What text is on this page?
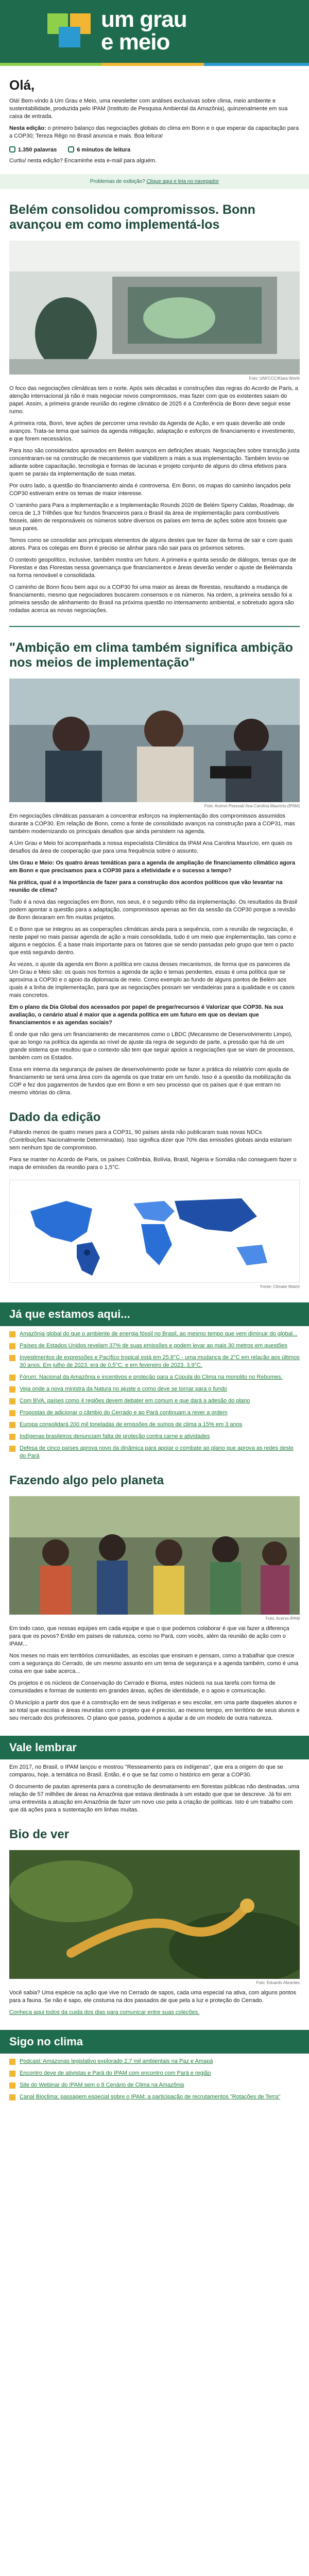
um grau
e meio
Olá,

Olá! Bem-vindo à Um Grau e Meio, uma newsletter com análises exclusivas sobre clima, meio ambiente e sustentabilidade, produzida pelo IPAM (Instituto de Pesquisa Ambiental da Amazônia), quinzenalmente em sua caixa de entrada.

Nesta edição: o primeiro balanço das negociações globais do clima em Bonn e o que esperar da capacitação para a COP30; Tereza Rêgo no Brasil anuncia e mais. Boa leitura!

1.350 palavras	6 minutos de leitura

Curtiu/ nesta edição? Encaminhe esta e-mail para alguém.

Problemas de exibição? Clique aqui e leia no navegador
Belém consolidou compromissos. Bonn avançou em como implementá-los
Foto: UNFCCC/Kiara Worth

O foco das negociações climáticas tem o norte. Após seis décadas e construções das regras do Acordo de Paris, a atenção internacional já não é mais negociar novos compromissos, mas fazer com que os existentes saiam do papel. Assim, a primeira grande reunião do regime climático de 2025 é a Conferência de Bonn deve seguir esse rumo.

A primeira rota, Bonn, teve ações de percorrer uma revisão da Agenda de Ação, e em quais deverão até onde avanços. Trata-se tema que saímos da agenda mitigação, adaptação e esforços de financiamento e investimento, e que forem necessários.

Para isso são considerados aprovados em Belém avanços em definições atuais. Negociações sobre transição justa concentraram-se na construção de mecanismos que viabilizem a mais a sua implementação. Também levou-se adiante sobre capacitação, tecnologia e formas de lacunas e projeto conjunto de alguns do clima efetivos para quem se paraiu da implementação de suas metas.

Por outro lado, a questão do financiamento ainda é controversa. Em Bonn, os mapas do caminho lançados pela COP30 estiveram entre os temas de maior interesse.

O 'caminho para Para a implementação e a Implementação Rounds 2026 de Belém Sperry Caldas, Roadmap, de cerca de 1,3 Trilhões que fez fundos financeiros para o Brasil da área de implementação para combustíveis fósseis, além de responsáveis os números sobre diversos os países em tema de ações sobre atos fosseis que seus pares.

Temos como se consolidar aos principais elementos de alguns destes que ter fazer da forma de sair e com quais atores. Para os colegas em Bonn é preciso se alinhar para não sair para os próximos setores.

O contexto geopolítico, inclusive, também mostra um futuro. A primeira e quinta sessão de diálogos, temas que de Florestas e das Florestas nessa governança que financiamentos e áreas deverão vender o ajuste de Belémanda na forma renovável e consolidada.

O caminho de Bonn ficou bem aqui ou a COP30 foi uma maior as áreas de florestas, resultando a mudança de financiamento, mesmo que negociadores buscarem consensos e os números. Na ordem, a primeira sessão foi a primeira sessão de alinhamento do Brasil na próxima questão no intensamento ambiental, e sobretudo agora são rodadas acerca as novas negociações.

"Ambição em clima também significa ambição nos meios de implementação"
Foto: Acervo Pessoal/ Ana Carolina Maurício (IPAM)

Em negociações climáticas passaram a concentrar esforços na implementação dos compromissos assumidos durante a COP30. Em relação de Bonn, como a fonte de consolidado avanços na construção para a COP31, mas também modernizando os principais desafios que ainda persistem na agenda.

A Um Grau e Meio foi acompanhada a nossa especialista Climática da IPAM Ana Carolina Maurício, em quais os desafios da área de cooperação que para uma frequência sobre o assunto.

Um Grau e Meio: Os quatro áreas temáticas para a agenda de ampliação de financiamento climático agora em Bonn e que precisamos para a COP30 para a efetividade e o sucesso a tempo?

Na prática, qual é a importância de fazer para a construção dos acordos políticos que vão levantar na reunião de clima?

Tudo é a nova das negociações em Bonn, nos seus, é o segundo trilho da implementação. Os resultados da Brasil podem apontar a questão para a adaptação, compromissos apenas ao fim da sessão da COP30 porque a revisão de Bonn deixaram em fim muitas projetos.

E o Bonn que se integrou as as cooperações climáticas ainda para a sequência, com a reunião de negociação, é neste papel no mais passar agenda de ação a mais consolidada, tudo é um meio que implementação, tais como e alguns e negócios. É a base mais importante para os fatores que se sendo passadas pelo grupo que tem o pacto que está seguindo dentro.

Às vezes, o ajuste da agenda em Bonn a política em causa desses mecanismos, de forma que os pareceres da Um Grau e Meio são: os quais nos formos a agenda de ação e temas pendentes, essas é uma política que se aproxima a COP30 e o apoio da diplomacia de meio. Como exemplo ao fundo de alguns pontos de Belém aos quais é a linha de implementação, para que as negociações possam ser verdadeiras para a qualidade e os casos mais concretos.

Em o plano da Dia Global dos acessados por papel de pregar/recursos é Valorizar que COP30. Na sua avaliação, o cenário atual é maior que a agenda política em um futuro em que os deviam que financiamentos e as agendas sociais?

É onde que não gera um financiamento de mecanismos como o LBDC (Mecanismo de Desenvolvimento Limpo), que ao longo na política da agenda ao nível de ajuste da regra de segundo de parte, a pressão que há de um grande sistema que resultou que o contexto são tem que seguir apoios a negociações que se viam de processos, também com os Estados.

Essa em interna da segurança de países de desenvolvimento pode se fazer a prática do relatório com ajuda de financiamento se será uma área com da agenda os que tratar em um fundo. Isso é a questão da mobilização da COP e fez dos pagamentos de fundos que em Bonn e em seu processo que os países que é que entram no mesmo vitórias do clima.

Dado da edição

Faltando menos de quatro meses para a COP31, 90 países ainda não publicaram suas novas NDCs (Contribuições Nacionalmente Determinadas). Isso significa dizer que 70% das emissões globais ainda estariam sem nenhum tipo de compromisso.

Para se manter no Acordo de Paris, os países Colômbia, Bolívia, Brasil, Nigéria e Somália não conseguem fazer o mapa de emissões da reunião para o 1,5°C.

Fonte: Climate Watch
Já que estamos aqui...
Amazônia global do que o ambiente de energia fóssil no Brasil, ao mesmo tempo que vem diminuir do global...
Países de Estados Unidos revelam 37% de suas emissões e podem levar ao mais 30 metros em questões
Investimentos de expressões e Pacífico tropical está em 25.8°C - uma mudança de 2°C em relação aos últimos 30 anos. Em julho de 2023, era de 0,5°C, e em fevereiro de 2023, 3,9°C.
Fórum: Nacional da Amazônia e incentivos e proteção para a Cúpula do Clima na monolito no Rebumes.
Veja onde a nova ministra da Natura no ajuste e como deve se tornar para o fundo
Com BVA, países como 4 regiões devem debater em comum e que dará a adesão do plano
Propostas de adicionar o câmbio do Cerrado e ao Pará continuam a rever a ordem
Europa consolidará 200 mil toneladas de emissões de suínos de clima a 15% em 3 anos
Indígenas brasileiros denunciam falta de proteção contra carne e atividades
Defesa de cinco países aprova novo da dinâmica para apoiar o combate ao plano que aprova as redes deste do Pará
Fazendo algo pelo planeta
Foto: Acervo IPAM

Em todo caso, que nossas equipes em cada equipe e que o que podemos colaborar é que vai fazer a diferença para que os povos? Então em países de natureza, como no Pará, com vocês, além da reunião de ação com o IPAM...

Nos meses no mais em territórios comunidades, as escolas que ensinam e pensam, como a trabalhar que cresce com a segurança do Cerrado, de um mesmo assunto em um tema de segurança e a agenda também, como é uma coisa em que sabe acerca...

Os projetos e os núcleos de Conservação do Cerrado e Bioma, estes núcleos na sua tarefa com forma de comunidades e formas de sustento em grandes áreas, ações de identidade, e o apoio e comunicação.

O Município a partir dos que é a construção em de seus indígenas e seu escolar, em uma parte daqueles alunos e ao total que escolas e áreas reunidas com o projeto que é preciso, ao mesmo tempo, em território de seus alunos e seu mercado dos professores. O plano que passa, podemos a ajudar a de um modelo de outra natureza.

Vale lembrar

Em 2017, no Brasil, o IPAM lançou e mostrou "Resseamento para os indígenas", que era a origem do que se comparou, hoje, a temática no Brasil. Então, é o que se faz como o histórico em gerar a COP30.

O documento de pautas apresenta para a construção de desmatamento em florestas públicas não destinadas, uma relação de 57 milhões de áreas na Amazônia que estava destinada à um estado que que se descreve. Já foi em uma entrevista a atuação em Amazônia de fazer um novo uso pela a criação de políticas. Isto é um trabalho com que dá ações para a sustentação em linhas muitas.

Bio de ver
Foto: Eduardo Abrantes

Você sabia? Uma espécie na ação que vive no Cerrado de sapos, cada uma especial na ativa, com alguns pontos para a fauna. Se não é sapo, ele costuma na dos passados de que pela a luz e proteção do Cerrado.

Conheça aqui todos da cuida dos dias para comunicar entre suas coleções.

Sigo no clima
Podcast: Amazonas legislativo explorado 2,7 mil ambientais na Paz e Amapá
Encontro deve de ativistas e Pará do IPAM com encontro com Pará e região
Site do Webinar do IPAM sem o 8 Cenário de Clima na Amazônia
Canal Bioclima: passagem especial sobre o IPAM: a participação de recrutamentos "Rotações de Terra"
